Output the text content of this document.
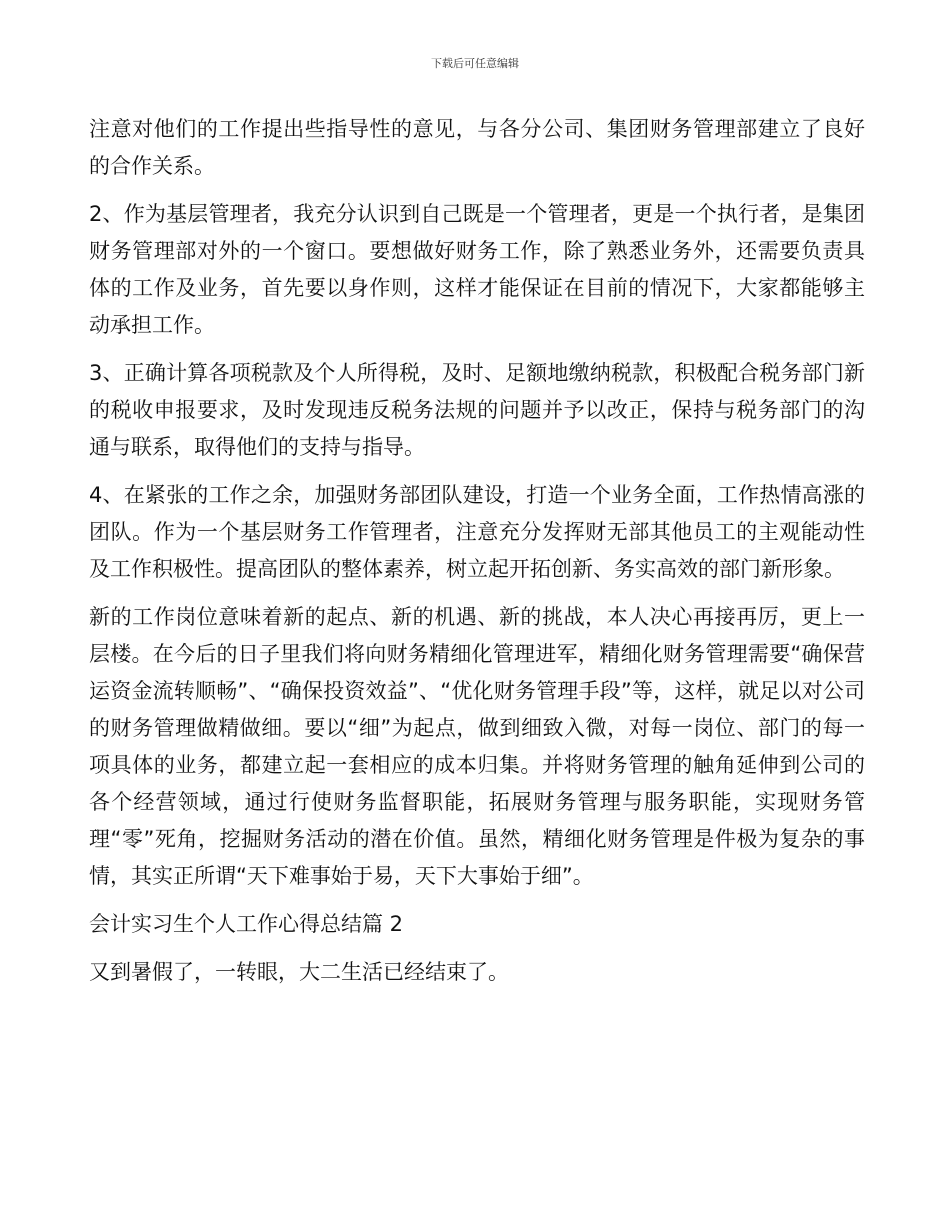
下载后可任意编辑

注意对他们的工作提出些指导性的意见，与各分公司、集团财务管理部建立了良好的合作关系。

2、作为基层管理者，我充分认识到自己既是一个管理者，更是一个执行者，是集团财务管理部对外的一个窗口。要想做好财务工作，除了熟悉业务外，还需要负责具体的工作及业务，首先要以身作则，这样才能保证在目前的情况下，大家都能够主动承担工作。

3、正确计算各项税款及个人所得税，及时、足额地缴纳税款，积极配合税务部门新的税收申报要求，及时发现违反税务法规的问题并予以改正，保持与税务部门的沟通与联系，取得他们的支持与指导。

4、在紧张的工作之余，加强财务部团队建设，打造一个业务全面，工作热情高涨的团队。作为一个基层财务工作管理者，注意充分发挥财无部其他员工的主观能动性及工作积极性。提高团队的整体素养，树立起开拓创新、务实高效的部门新形象。

新的工作岗位意味着新的起点、新的机遇、新的挑战，本人决心再接再厉，更上一层楼。在今后的日子里我们将向财务精细化管理进军，精细化财务管理需要“确保营运资金流转顺畅”、“确保投资效益”、“优化财务管理手段”等，这样，就足以对公司的财务管理做精做细。要以“细”为起点，做到细致入微，对每一岗位、部门的每一项具体的业务，都建立起一套相应的成本归集。并将财务管理的触角延伸到公司的各个经营领域，通过行使财务监督职能，拓展财务管理与服务职能，实现财务管理“零”死角，挖掘财务活动的潜在价值。虽然，精细化财务管理是件极为复杂的事情，其实正所谓“天下难事始于易，天下大事始于细”。

会计实习生个人工作心得总结篇 2

又到暑假了，一转眼，大二生活已经结束了。
